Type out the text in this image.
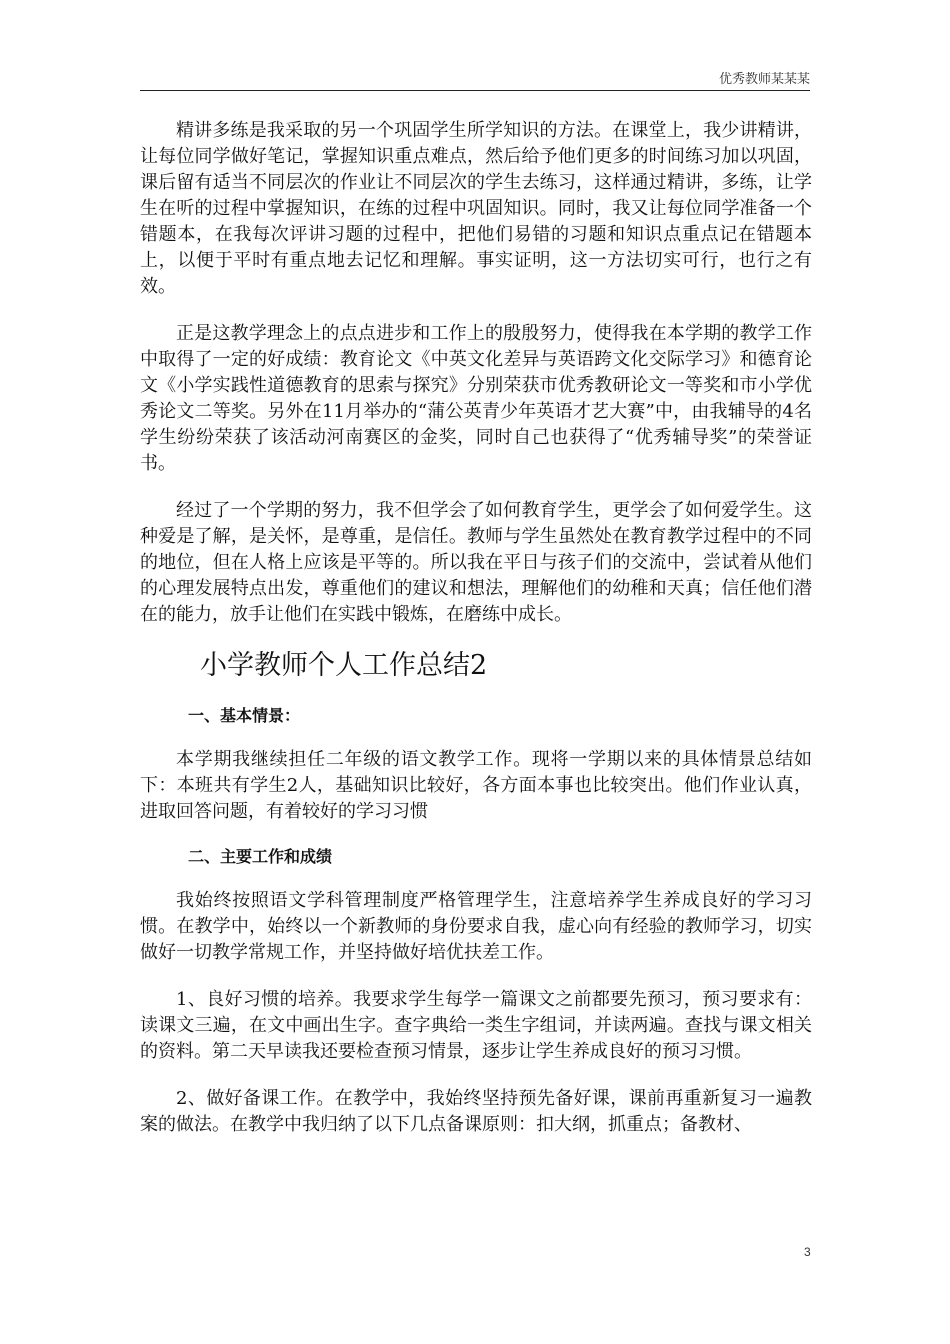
优秀教师某某某

精讲多练是我采取的另一个巩固学生所学知识的方法。在课堂上，我少讲精讲，让每位同学做好笔记，掌握知识重点难点，然后给予他们更多的时间练习加以巩固，课后留有适当不同层次的作业让不同层次的学生去练习，这样通过精讲，多练，让学生在听的过程中掌握知识，在练的过程中巩固知识。同时，我又让每位同学准备一个错题本，在我每次评讲习题的过程中，把他们易错的习题和知识点重点记在错题本上，以便于平时有重点地去记忆和理解。事实证明，这一方法切实可行，也行之有效。

正是这教学理念上的点点进步和工作上的殷殷努力，使得我在本学期的教学工作中取得了一定的好成绩：教育论文《中英文化差异与英语跨文化交际学习》和德育论文《小学实践性道德教育的思索与探究》分别荣获市优秀教研论文一等奖和市小学优秀论文二等奖。另外在11月举办的“蒲公英青少年英语才艺大赛”中，由我辅导的4名学生纷纷荣获了该活动河南赛区的金奖，同时自己也获得了“优秀辅导奖”的荣誉证书。

经过了一个学期的努力，我不但学会了如何教育学生，更学会了如何爱学生。这种爱是了解，是关怀，是尊重，是信任。教师与学生虽然处在教育教学过程中的不同的地位，但在人格上应该是平等的。所以我在平日与孩子们的交流中，尝试着从他们的心理发展特点出发，尊重他们的建议和想法，理解他们的幼稚和天真；信任他们潜在的能力，放手让他们在实践中锻炼，在磨练中成长。

小学教师个人工作总结2
一、基本情景：

本学期我继续担任二年级的语文教学工作。现将一学期以来的具体情景总结如下：本班共有学生2人，基础知识比较好，各方面本事也比较突出。他们作业认真，进取回答问题，有着较好的学习习惯

二、主要工作和成绩

我始终按照语文学科管理制度严格管理学生，注意培养学生养成良好的学习习惯。在教学中，始终以一个新教师的身份要求自我，虚心向有经验的教师学习，切实做好一切教学常规工作，并坚持做好培优扶差工作。

1、良好习惯的培养。我要求学生每学一篇课文之前都要先预习，预习要求有：读课文三遍，在文中画出生字。查字典给一类生字组词，并读两遍。查找与课文相关的资料。第二天早读我还要检查预习情景，逐步让学生养成良好的预习习惯。

2、做好备课工作。在教学中，我始终坚持预先备好课，课前再重新复习一遍教案的做法。在教学中我归纳了以下几点备课原则：扣大纲，抓重点；备教材、

3
